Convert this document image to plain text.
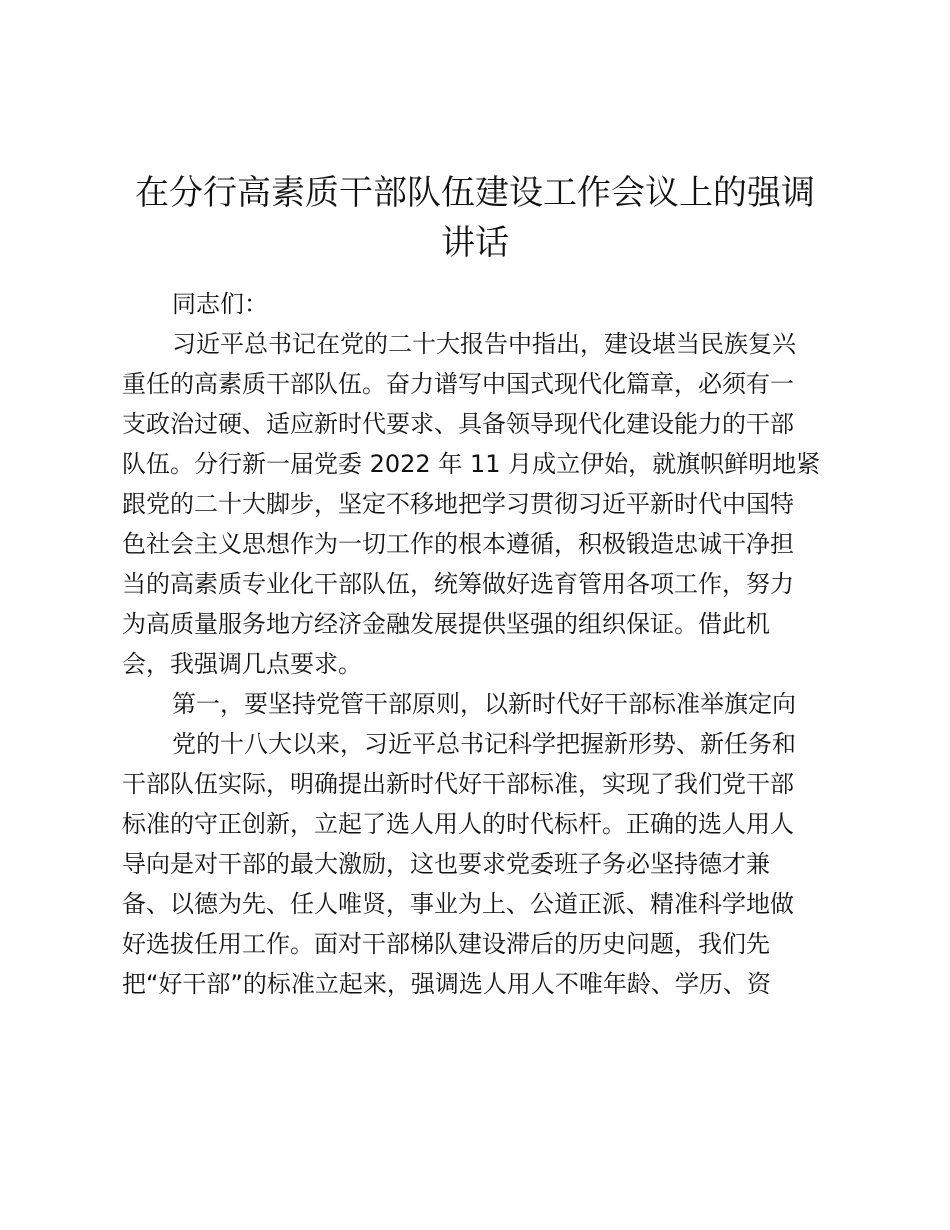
在分行高素质干部队伍建设工作会议上的强调
讲话
同志们：
习近平总书记在党的二十大报告中指出，建设堪当民族复兴
重任的高素质干部队伍。奋力谱写中国式现代化篇章，必须有一
支政治过硬、适应新时代要求、具备领导现代化建设能力的干部
队伍。分行新一届党委 2022 年 11 月成立伊始，就旗帜鲜明地紧
跟党的二十大脚步，坚定不移地把学习贯彻习近平新时代中国特
色社会主义思想作为一切工作的根本遵循，积极锻造忠诚干净担
当的高素质专业化干部队伍，统筹做好选育管用各项工作，努力
为高质量服务地方经济金融发展提供坚强的组织保证。借此机
会，我强调几点要求。
第一，要坚持党管干部原则，以新时代好干部标准举旗定向
党的十八大以来，习近平总书记科学把握新形势、新任务和
干部队伍实际，明确提出新时代好干部标准，实现了我们党干部
标准的守正创新，立起了选人用人的时代标杆。正确的选人用人
导向是对干部的最大激励，这也要求党委班子务必坚持德才兼
备、以德为先、任人唯贤，事业为上、公道正派、精准科学地做
好选拔任用工作。面对干部梯队建设滞后的历史问题，我们先
把“好干部”的标准立起来，强调选人用人不唯年龄、学历、资
